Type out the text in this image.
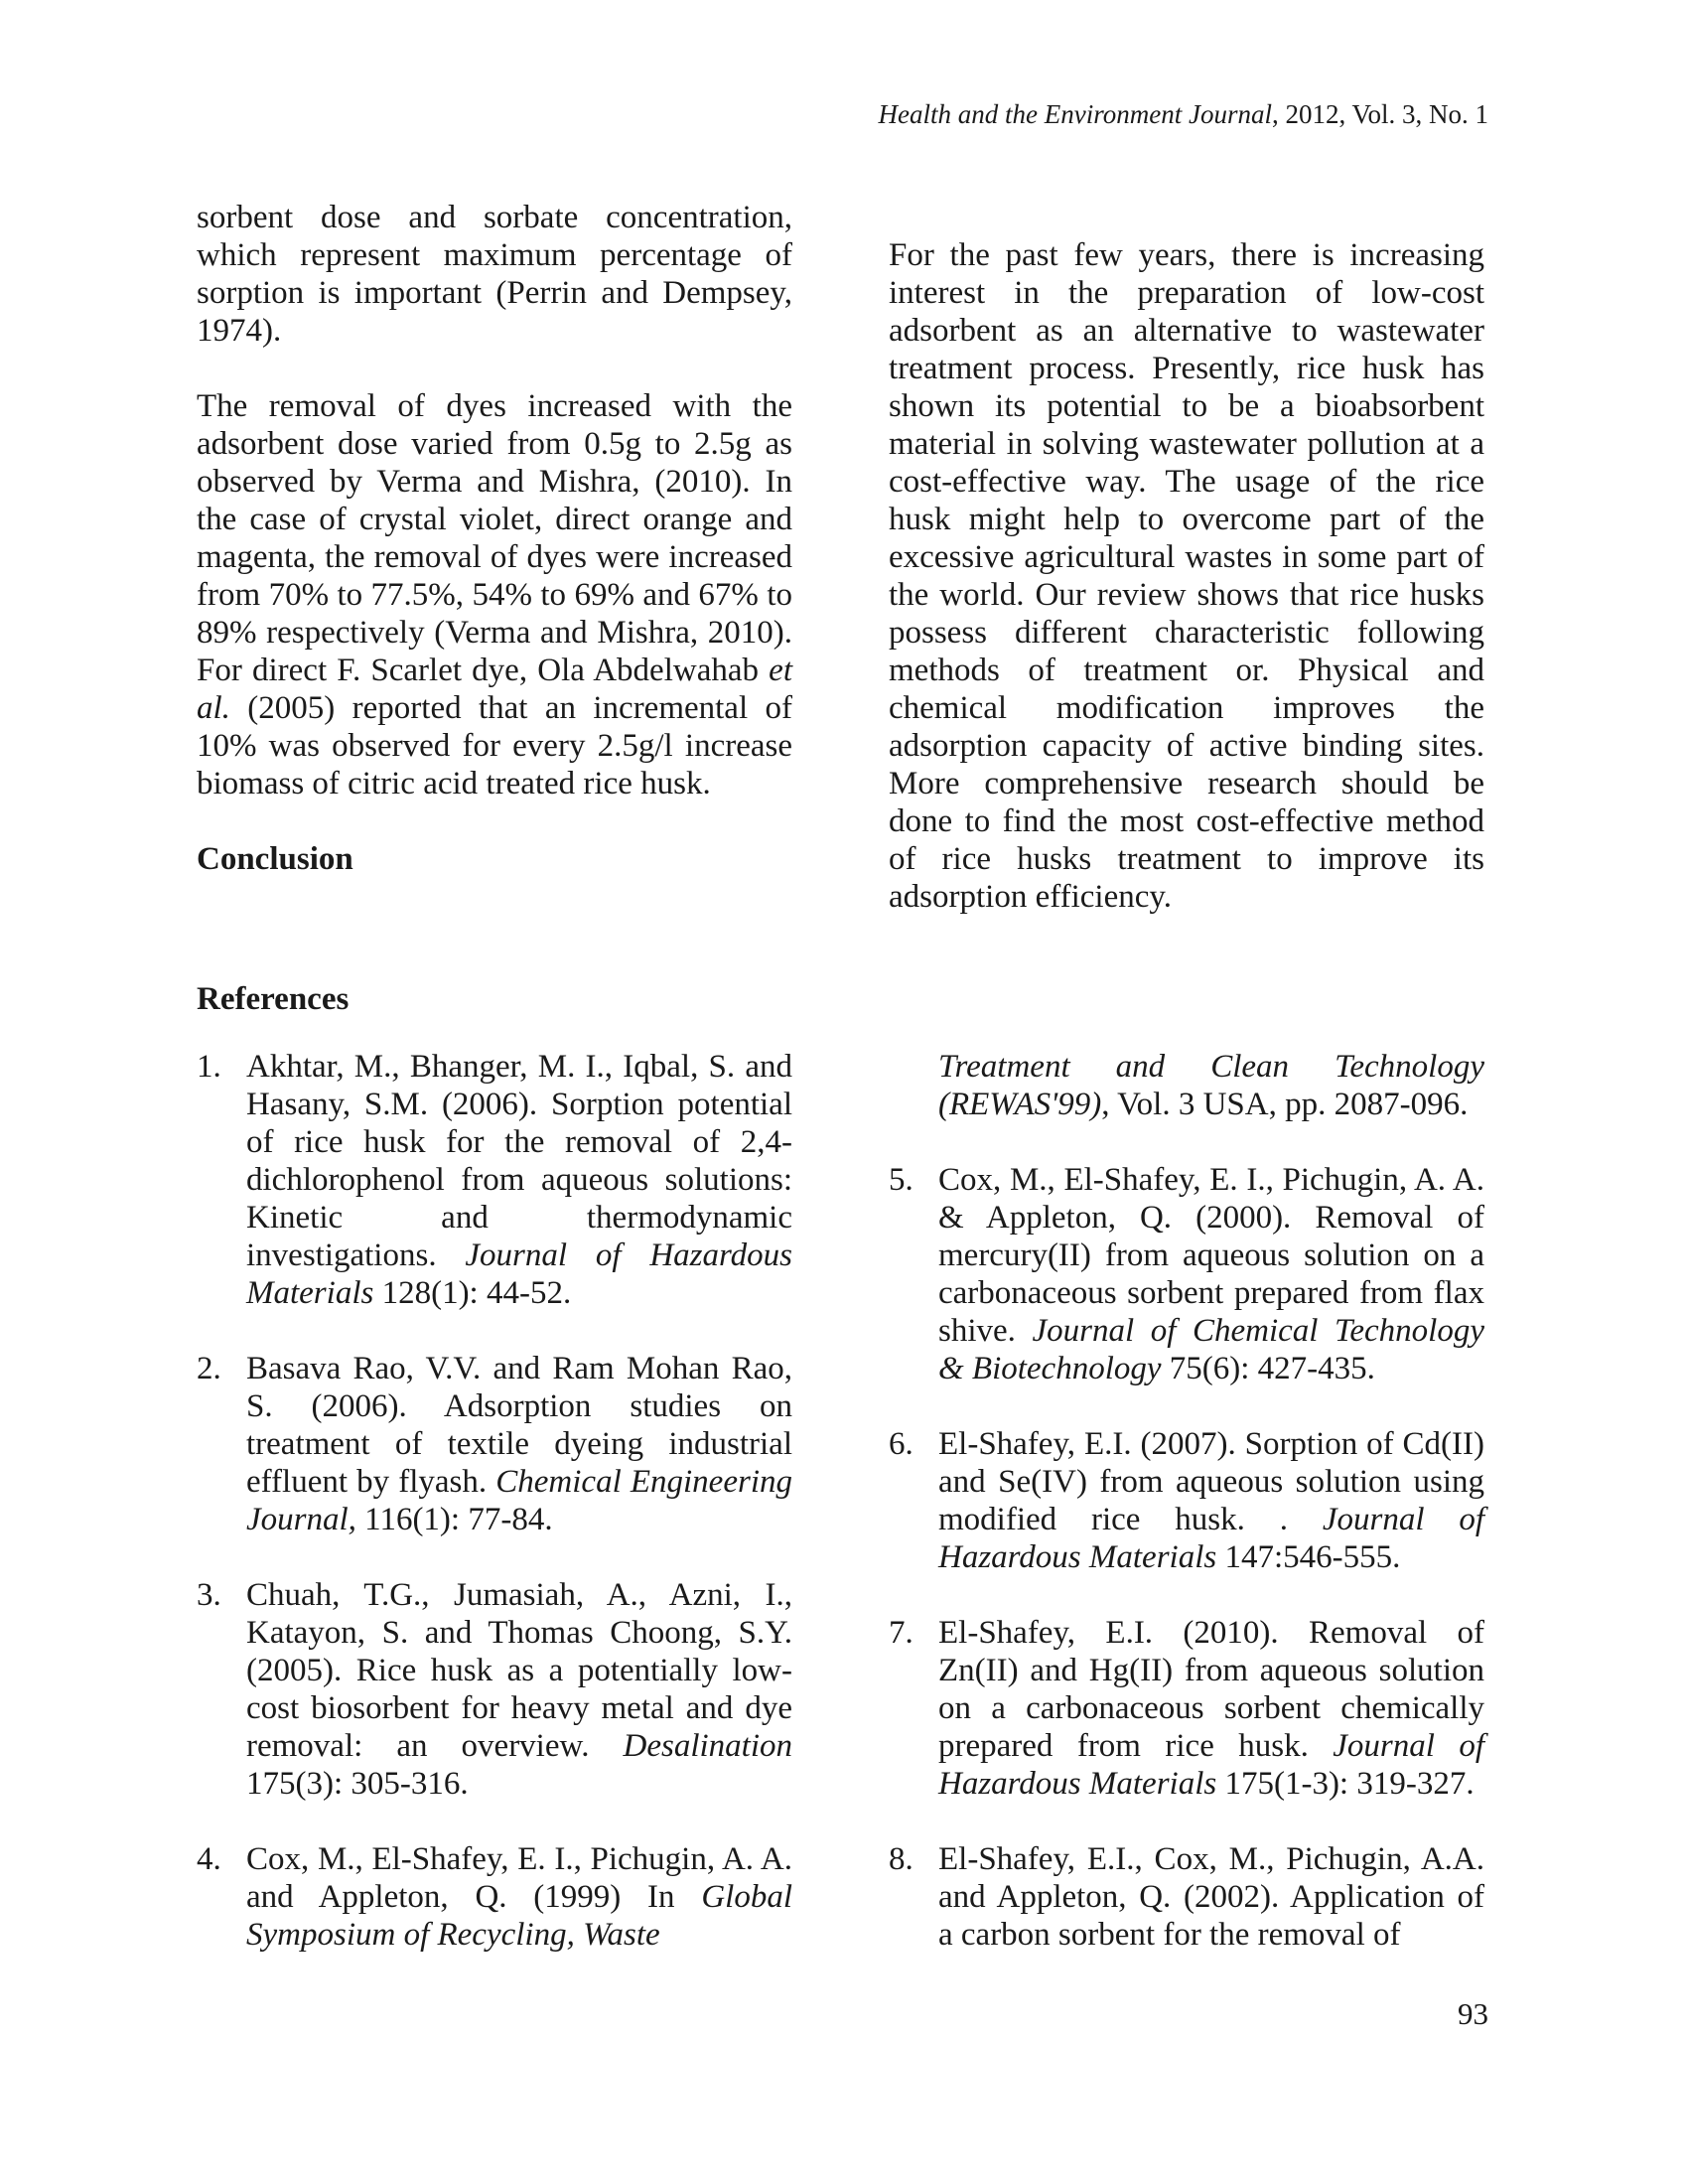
Health and the Environment Journal, 2012, Vol. 3, No. 1

sorbent dose and sorbate concentration, which represent maximum percentage of sorption is important (Perrin and Dempsey, 1974).

The removal of dyes increased with the adsorbent dose varied from 0.5g to 2.5g as observed by Verma and Mishra, (2010). In the case of crystal violet, direct orange and magenta, the removal of dyes were increased from 70% to 77.5%, 54% to 69% and 67% to 89% respectively (Verma and Mishra, 2010). For direct F. Scarlet dye, Ola Abdelwahab et al. (2005) reported that an incremental of 10% was observed for every 2.5g/l increase biomass of citric acid treated rice husk.

Conclusion

For the past few years, there is increasing interest in the preparation of low-cost adsorbent as an alternative to wastewater treatment process. Presently, rice husk has shown its potential to be a bioabsorbent material in solving wastewater pollution at a cost-effective way. The usage of the rice husk might help to overcome part of the excessive agricultural wastes in some part of the world. Our review shows that rice husks possess different characteristic following methods of treatment or. Physical and chemical modification improves the adsorption capacity of active binding sites. More comprehensive research should be done to find the most cost-effective method of rice husks treatment to improve its adsorption efficiency.

References

1. Akhtar, M., Bhanger, M. I., Iqbal, S. and Hasany, S.M. (2006). Sorption potential of rice husk for the removal of 2,4-dichlorophenol from aqueous solutions: Kinetic and thermodynamic investigations. Journal of Hazardous Materials 128(1): 44-52.

2. Basava Rao, V.V. and Ram Mohan Rao, S. (2006). Adsorption studies on treatment of textile dyeing industrial effluent by flyash. Chemical Engineering Journal, 116(1): 77-84.

3. Chuah, T.G., Jumasiah, A., Azni, I., Katayon, S. and Thomas Choong, S.Y. (2005). Rice husk as a potentially low-cost biosorbent for heavy metal and dye removal: an overview. Desalination 175(3): 305-316.

4. Cox, M., El-Shafey, E. I., Pichugin, A. A. and Appleton, Q. (1999) In Global Symposium of Recycling, Waste

Treatment and Clean Technology (REWAS'99), Vol. 3 USA, pp. 2087-096.

5. Cox, M., El-Shafey, E. I., Pichugin, A. A. & Appleton, Q. (2000). Removal of mercury(II) from aqueous solution on a carbonaceous sorbent prepared from flax shive. Journal of Chemical Technology & Biotechnology 75(6): 427-435.

6. El-Shafey, E.I. (2007). Sorption of Cd(II) and Se(IV) from aqueous solution using modified rice husk. . Journal of Hazardous Materials 147:546-555.

7. El-Shafey, E.I. (2010). Removal of Zn(II) and Hg(II) from aqueous solution on a carbonaceous sorbent chemically prepared from rice husk. Journal of Hazardous Materials 175(1-3): 319-327.

8. El-Shafey, E.I., Cox, M., Pichugin, A.A. and Appleton, Q. (2002). Application of a carbon sorbent for the removal of

93
